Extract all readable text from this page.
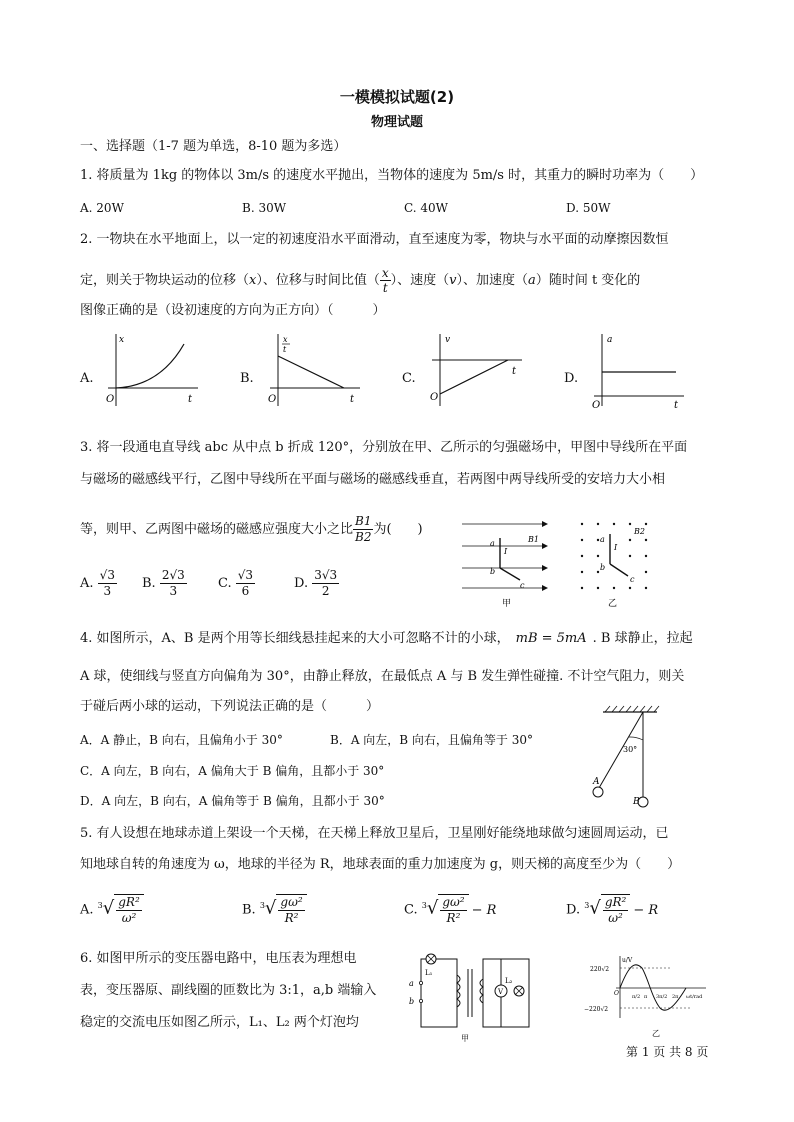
一模模拟试题(2)
物理试题
一、选择题（1-7 题为单选，8-10 题为多选）
1. 将质量为 1kg 的物体以 3m/s 的速度水平抛出，当物体的速度为 5m/s 时，其重力的瞬时功率为（　　）
A. 20W	B. 30W	C. 40W	D. 50W
2. 一物块在水平地面上，以一定的初速度沿水平面滑动，直至速度为零，物块与水平面的动摩擦因数恒
定，则关于物块运动的位移（x）、位移与时间比值（ $\frac{x}{t}$ ）、速度（v）、加速度（a）随时间 t 变化的
图像正确的是（设初速度的方向为正方向）（　　　）
A.
x
O	t
B.
x
t
O	t
C.
v
O
t	D.
a
O	t
3. 将一段通电直导线 abc 从中点 b 折成 120°，分别放在甲、乙所示的匀强磁场中，甲图中导线所在平面
与磁场的磁感线平行，乙图中导线所在平面与磁场的磁感线垂直，若两图中两导线所受的安培力大小相
等，则甲、乙两图中磁场的磁感应强度大小之比 $\frac{B1}{B2}$ 为(　　)
A. $\frac{√3}{3} B$. $\frac{2√3}{3} C$. $\frac{√3}{6}$	D. $\frac{3√3}{2}$
a
I
b
c
B1
甲
a
I
b
c
B2
乙
4. 如图所示，A、B 是两个用等长细线悬挂起来的大小可忽略不计的小球， mB = 5mA . B 球静止，拉起
A 球，使细线与竖直方向偏角为 30°，由静止释放，在最低点 A 与 B 发生弹性碰撞. 不计空气阻力，则关
于碰后两小球的运动，下列说法正确的是（　　　）
A．A 静止，B 向右，且偏角小于 30°	B．A 向左，B 向右，且偏角等于 30°
C．A 向左，B 向右，A 偏角大于 B 偏角，且都小于 30°
D．A 向左，B 向右，A 偏角等于 B 偏角，且都小于 30°
30°
A
B
5. 有人设想在地球赤道上架设一个天梯，在天梯上释放卫星后，卫星刚好能绕地球做匀速圆周运动，已
知地球自转的角速度为 ω，地球的半径为 R，地球表面的重力加速度为 g，则天梯的高度至少为（　　）
A. $^3√ \frac{\text{gR²}}{\text{ω²}}$	B. $^3√ \frac{\text{gω²}}{\text{R²}}$	C. $^3√ \frac{\text{gω²}}{\text{R²}} - R$	D. $^3√ \frac{\text{gR²}}{\text{ω²}} - R$
6. 如图甲所示的变压器电路中，电压表为理想电
表，变压器原、副线圈的匝数比为 3:1，a,b 端输入
稳定的交流电压如图乙所示，L₁、L₂ 两个灯泡均
V
a
b
L₁
L₂
甲
u/V
220√2
−220√2
O	π/2 π 3π/2 2π ωt/rad
乙
第 1 页 共 8 页
